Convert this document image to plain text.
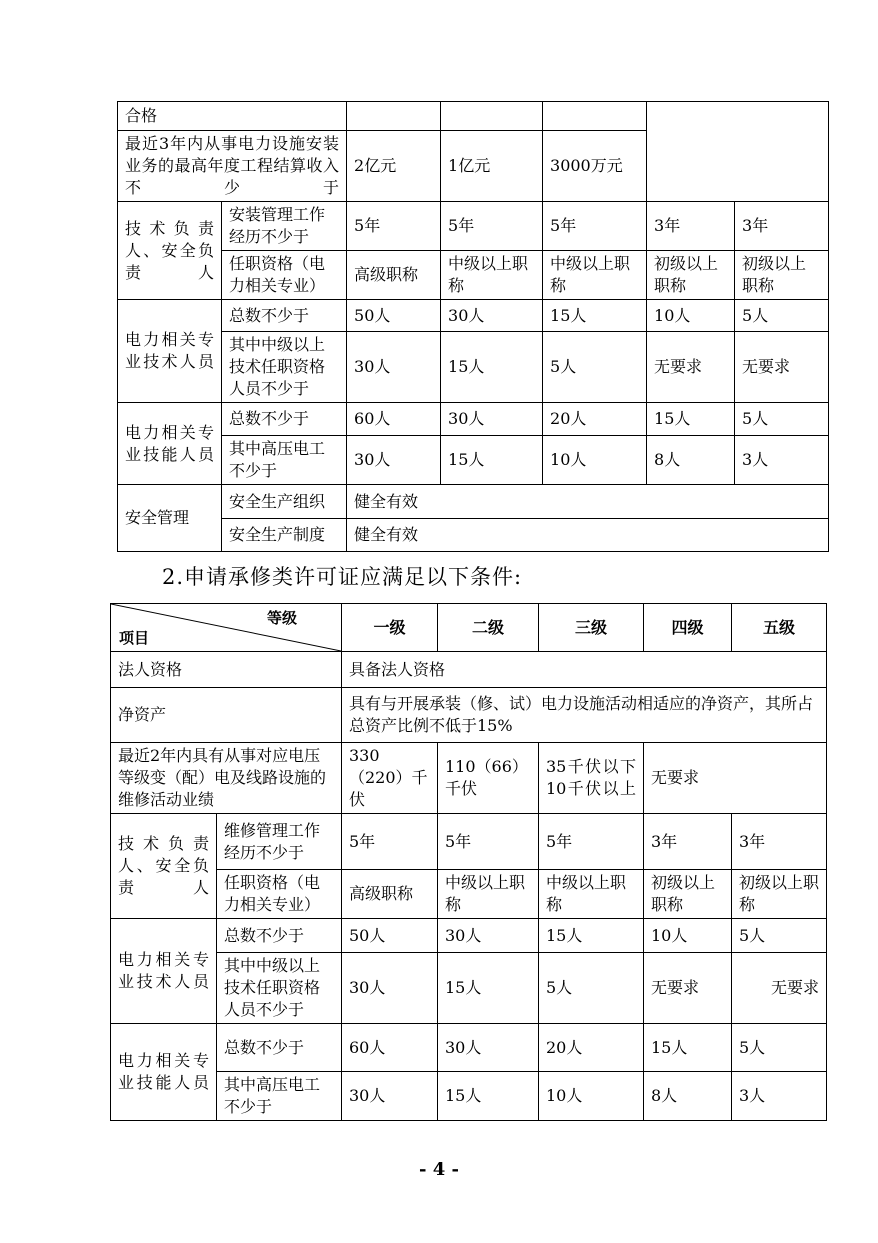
合格						
最近3年内从事电力设施安装业务的最高年度工程结算收入不少于		2亿元	1亿元	3000万元		
技术负责人、安全负责人	安装管理工作经历不少于	5年	5年	5年	3年	3年
	任职资格（电力相关专业）	高级职称	中级以上职称	中级以上职称	初级以上职称	初级以上职称
电力相关专业技术人员	总数不少于	50人	30人	15人	10人	5人
	其中中级以上技术任职资格人员不少于	30人	15人	5人	无要求	无要求
电力相关专业技能人员	总数不少于	60人	30人	20人	15人	5人
	其中高压电工不少于	30人	15人	10人	8人	3人
安全管理	安全生产组织	健全有效				
	安全生产制度	健全有效				
2.申请承修类许可证应满足以下条件:
等级
项目		一级	二级	三级	四级	五级
法人资格		具备法人资格				
净资产		具有与开展承装（修、试）电力设施活动相适应的净资产，其所占总资产比例不低于15%				
最近2年内具有从事对应电压等级变（配）电及线路设施的维修活动业绩		330（220）千伏	110（66）千伏	35千伏以下10千伏以上	无要求	
技术负责人、安全负责人	维修管理工作经历不少于	5年	5年	5年	3年	3年
	任职资格（电力相关专业）	高级职称	中级以上职称	中级以上职称	初级以上职称	初级以上职称
电力相关专业技术人员	总数不少于	50人	30人	15人	10人	5人
	其中中级以上技术任职资格人员不少于	30人	15人	5人	无要求	无要求
电力相关专业技能人员	总数不少于	60人	30人	20人	15人	5人
	其中高压电工不少于	30人	15人	10人	8人	3人
- 4 -
